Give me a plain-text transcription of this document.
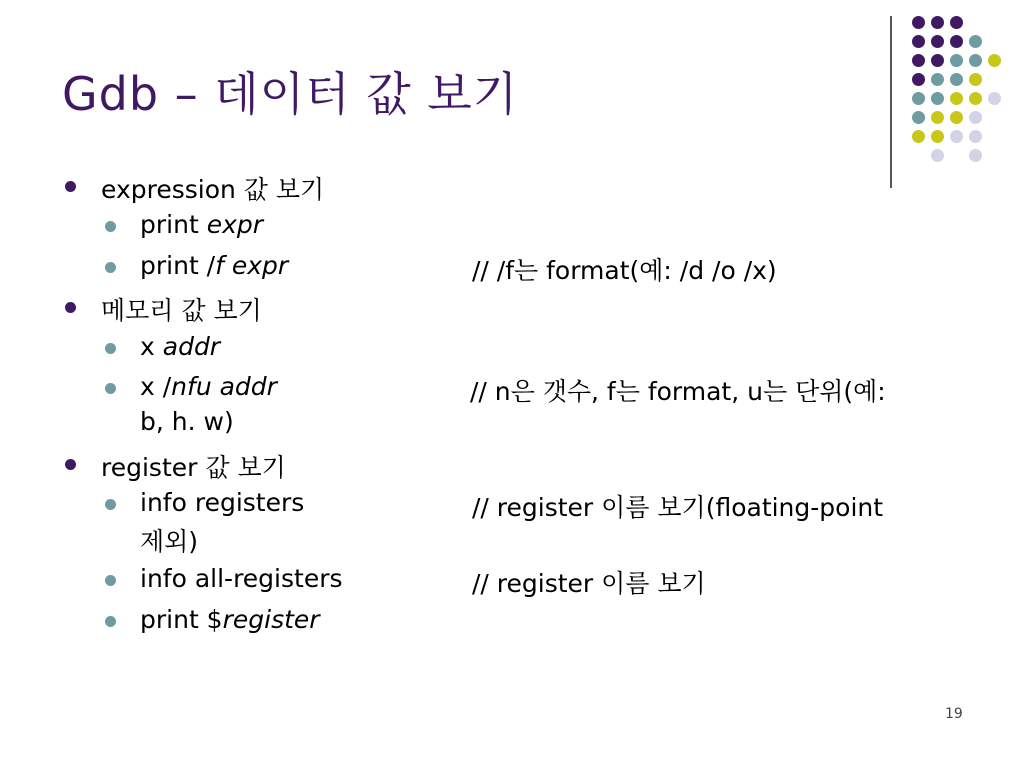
Gdb – 데이터 값 보기
expression 값 보기
print expr
print /f expr	// /f는 format(예: /d /o /x)
메모리 값 보기
x addr
x /nfu addr	// n은 갯수, f는 format, u는 단위(예:
b, h. w)
register 값 보기
info registers	// register 이름 보기(floating-point
제외)
info all-registers	// register 이름 보기
print $register
19
